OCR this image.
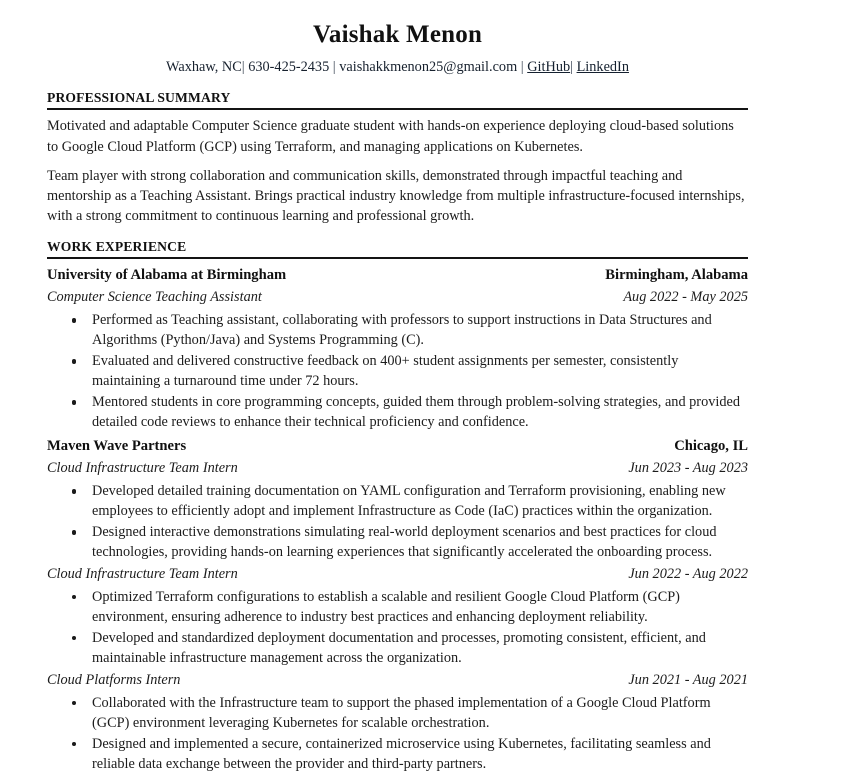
Vaishak Menon
Waxhaw, NC| 630-425-2435 | vaishakkmenon25@gmail.com | GitHub| LinkedIn
PROFESSIONAL SUMMARY

Motivated and adaptable Computer Science graduate student with hands-on experience deploying cloud-based solutions to Google Cloud Platform (GCP) using Terraform, and managing applications on Kubernetes.

Team player with strong collaboration and communication skills, demonstrated through impactful teaching and mentorship as a Teaching Assistant. Brings practical industry knowledge from multiple infrastructure-focused internships, with a strong commitment to continuous learning and professional growth.

WORK EXPERIENCE
University of Alabama at Birmingham	Birmingham, Alabama
Computer Science Teaching Assistant	Aug 2022 - May 2025
Performed as Teaching assistant, collaborating with professors to support instructions in Data Structures and Algorithms (Python/Java) and Systems Programming (C).
Evaluated and delivered constructive feedback on 400+ student assignments per semester, consistently maintaining a turnaround time under 72 hours.
Mentored students in core programming concepts, guided them through problem-solving strategies, and provided detailed code reviews to enhance their technical proficiency and confidence.
Maven Wave Partners	Chicago, IL
Cloud Infrastructure Team Intern	Jun 2023 - Aug 2023
Developed detailed training documentation on YAML configuration and Terraform provisioning, enabling new employees to efficiently adopt and implement Infrastructure as Code (IaC) practices within the organization.
Designed interactive demonstrations simulating real-world deployment scenarios and best practices for cloud technologies, providing hands-on learning experiences that significantly accelerated the onboarding process.
Cloud Infrastructure Team Intern	Jun 2022 - Aug 2022
Optimized Terraform configurations to establish a scalable and resilient Google Cloud Platform (GCP) environment, ensuring adherence to industry best practices and enhancing deployment reliability.
Developed and standardized deployment documentation and processes, promoting consistent, efficient, and maintainable infrastructure management across the organization.
Cloud Platforms Intern	Jun 2021 - Aug 2021
Collaborated with the Infrastructure team to support the phased implementation of a Google Cloud Platform (GCP) environment leveraging Kubernetes for scalable orchestration.
Designed and implemented a secure, containerized microservice using Kubernetes, facilitating seamless and reliable data exchange between the provider and third-party partners.
